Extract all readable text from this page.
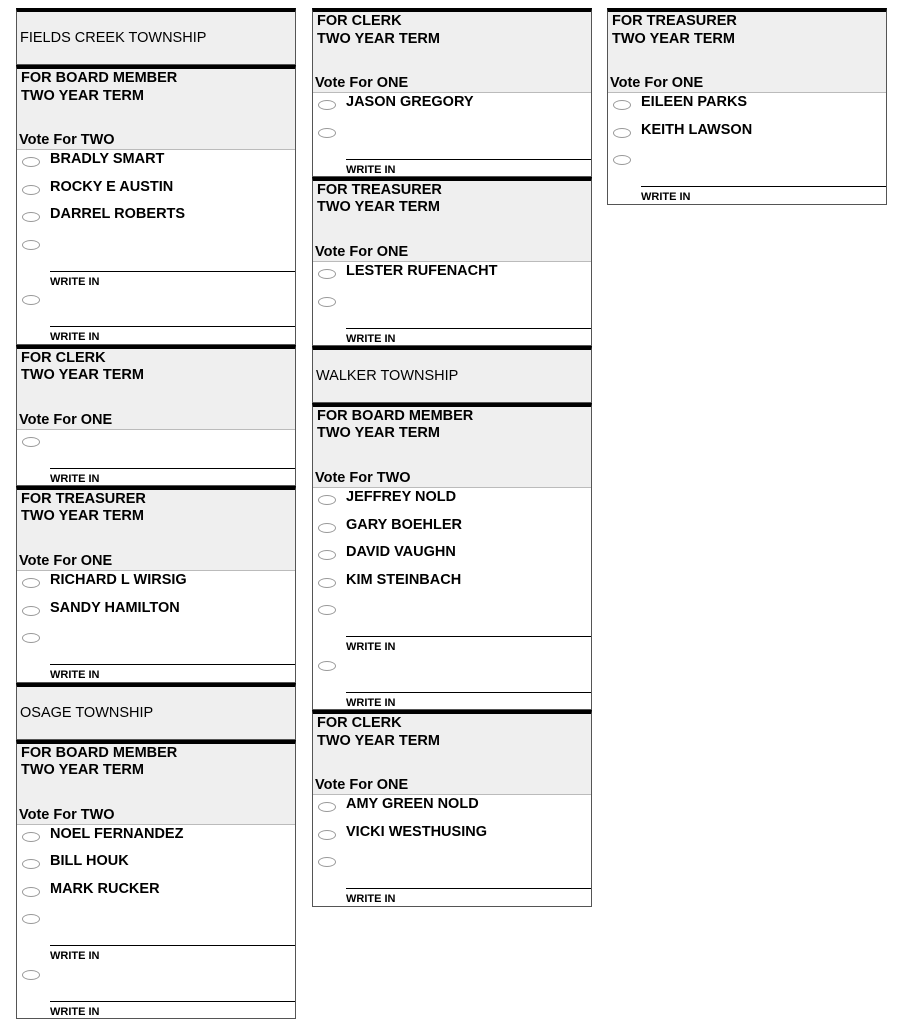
FIELDS CREEK TOWNSHIP
FOR BOARD MEMBER
TWO YEAR TERM
Vote For TWO
BRADLY SMART
ROCKY E AUSTIN
DARREL ROBERTS
WRITE IN
WRITE IN
FOR CLERK
TWO YEAR TERM
Vote For ONE
WRITE IN
FOR TREASURER
TWO YEAR TERM
Vote For ONE
RICHARD L WIRSIG
SANDY HAMILTON
WRITE IN
OSAGE TOWNSHIP
FOR BOARD MEMBER
TWO YEAR TERM
Vote For TWO
NOEL FERNANDEZ
BILL HOUK
MARK RUCKER
WRITE IN
WRITE IN
FOR CLERK
TWO YEAR TERM
Vote For ONE
JASON GREGORY
WRITE IN
FOR TREASURER
TWO YEAR TERM
Vote For ONE
LESTER RUFENACHT
WRITE IN
WALKER TOWNSHIP
FOR BOARD MEMBER
TWO YEAR TERM
Vote For TWO
JEFFREY NOLD
GARY BOEHLER
DAVID VAUGHN
KIM STEINBACH
WRITE IN
WRITE IN
FOR CLERK
TWO YEAR TERM
Vote For ONE
AMY GREEN NOLD
VICKI WESTHUSING
WRITE IN
FOR TREASURER
TWO YEAR TERM
Vote For ONE
EILEEN PARKS
KEITH LAWSON
WRITE IN
